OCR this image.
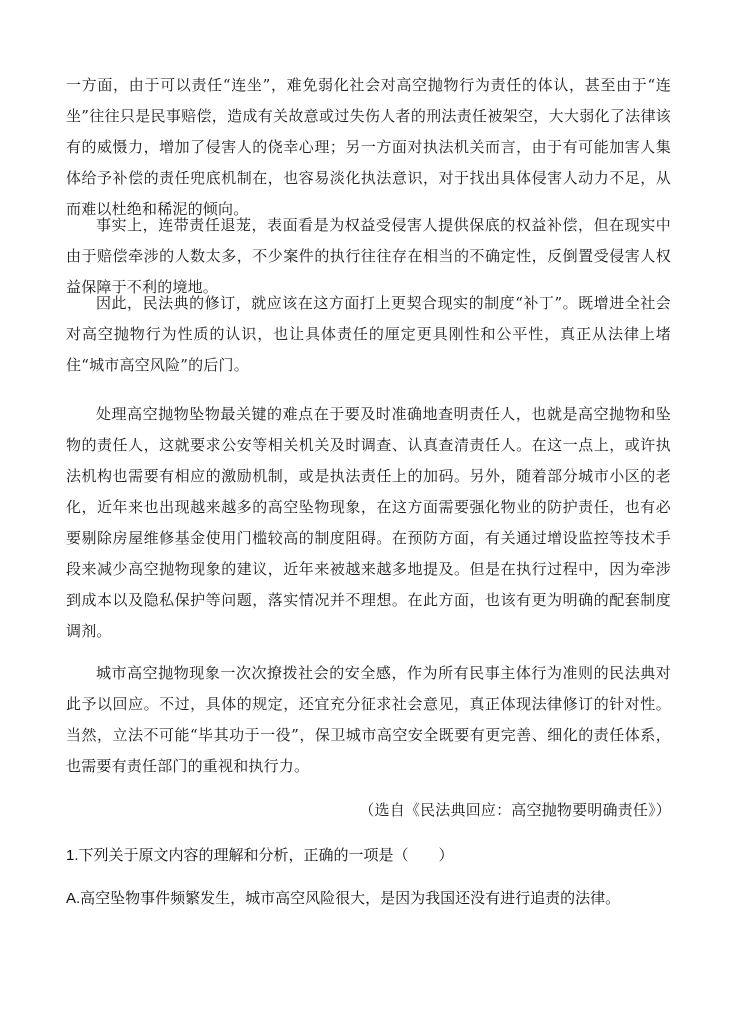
一方面，由于可以责任“连坐”，难免弱化社会对高空抛物行为责任的体认，甚至由于“连坐”往往只是民事赔偿，造成有关故意或过失伤人者的刑法责任被架空，大大弱化了法律该有的威慑力，增加了侵害人的侥幸心理；另一方面对执法机关而言，由于有可能加害人集体给予补偿的责任兜底机制在，也容易淡化执法意识，对于找出具体侵害人动力不足，从而难以杜绝和稀泥的倾向。

事实上，连带责任退茏，表面看是为权益受侵害人提供保底的权益补偿，但在现实中由于赔偿牵涉的人数太多，不少案件的执行往往存在相当的不确定性，反倒置受侵害人权益保障于不利的境地。

因此，民法典的修订，就应该在这方面打上更契合现实的制度“补丁”。既增进全社会对高空抛物行为性质的认识，也让具体责任的厘定更具刚性和公平性，真正从法律上堵住“城市高空风险”的后门。

处理高空抛物坠物最关键的难点在于要及时准确地查明责任人，也就是高空抛物和坠物的责任人，这就要求公安等相关机关及时调查、认真查清责任人。在这一点上，或许执法机构也需要有相应的激励机制，或是执法责任上的加码。另外，随着部分城市小区的老化，近年来也出现越来越多的高空坠物现象，在这方面需要强化物业的防护责任，也有必要剔除房屋维修基金使用门槛较高的制度阻碍。在预防方面，有关通过增设监控等技术手段来减少高空抛物现象的建议，近年来被越来越多地提及。但是在执行过程中，因为牵涉到成本以及隐私保护等问题，落实情况并不理想。在此方面，也该有更为明确的配套制度调剂。

城市高空抛物现象一次次撩拨社会的安全感，作为所有民事主体行为准则的民法典对此予以回应。不过，具体的规定，还宜充分征求社会意见，真正体现法律修订的针对性。当然，立法不可能“毕其功于一役”，保卫城市高空安全既要有更完善、细化的责任体系，也需要有责任部门的重视和执行力。

（选自《民法典回应：高空抛物要明确责任》）
1.下列关于原文内容的理解和分析，正确的一项是（　　）
A.高空坠物事件频繁发生，城市高空风险很大，是因为我国还没有进行追责的法律。
